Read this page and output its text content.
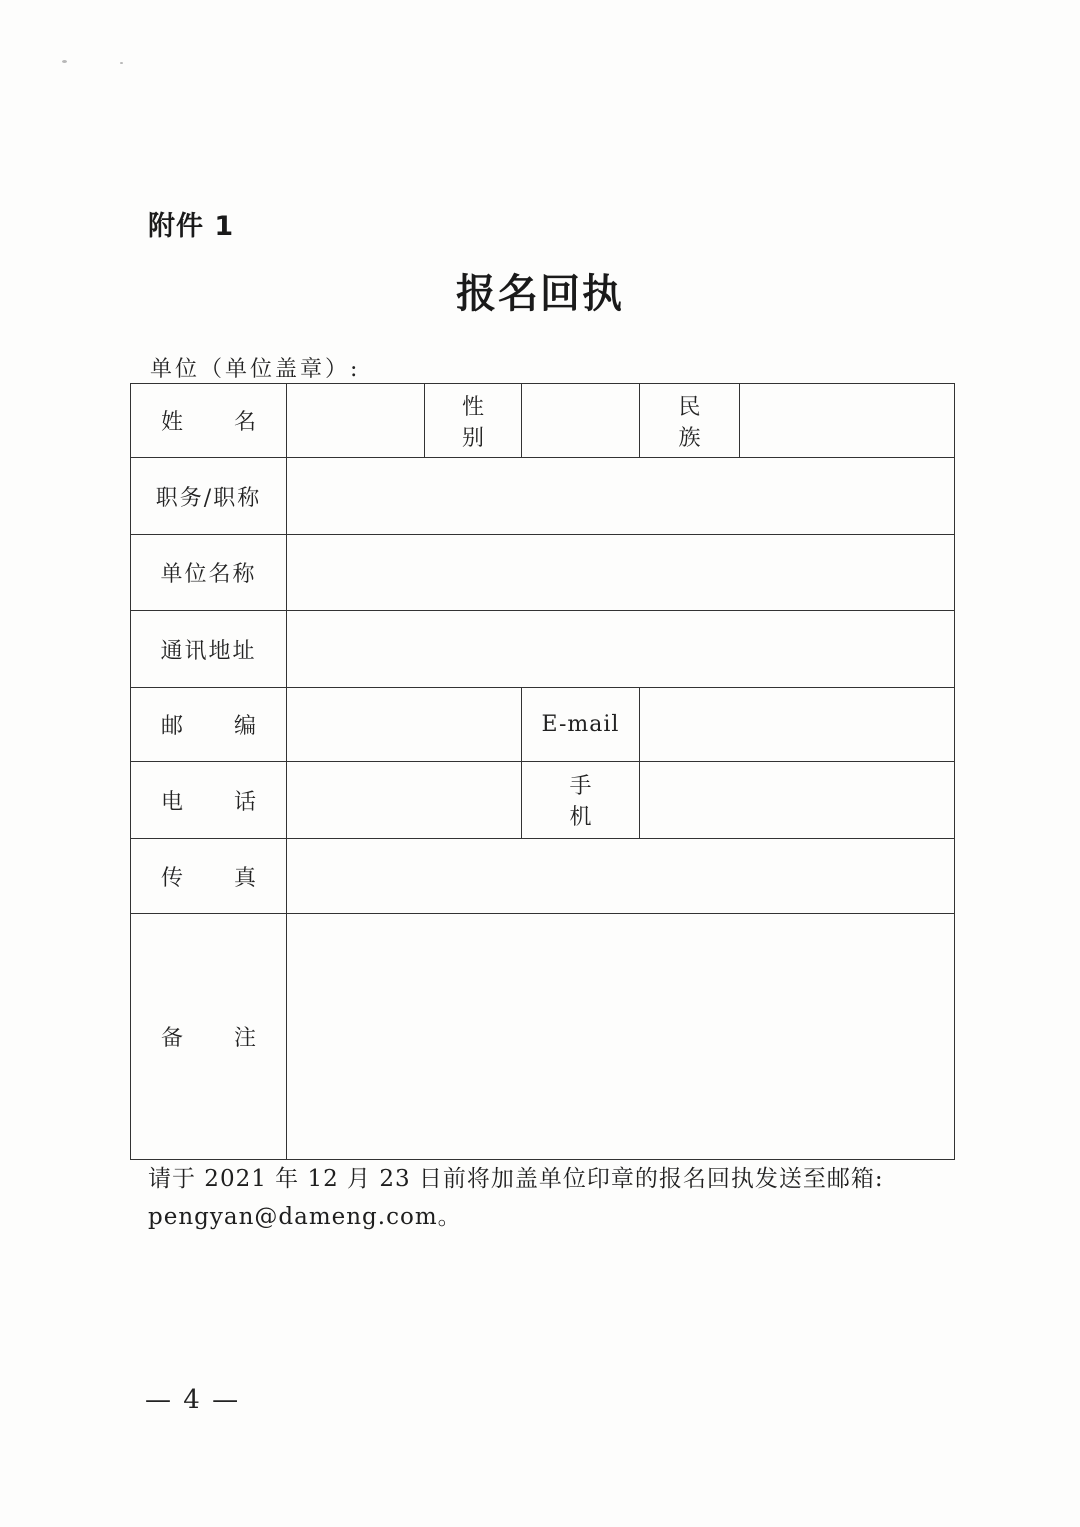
附件 1
报名回执
单位（单位盖章）:
姓 名		性 别		民 族	
职务/职称					
单位名称					
通讯地址					
邮 编			E-mail		
电 话			手 机		
传 真					
备 注					
请于 2021 年 12 月 23 日前将加盖单位印章的报名回执发送至邮箱:
pengyan@dameng.com。
— 4 —
